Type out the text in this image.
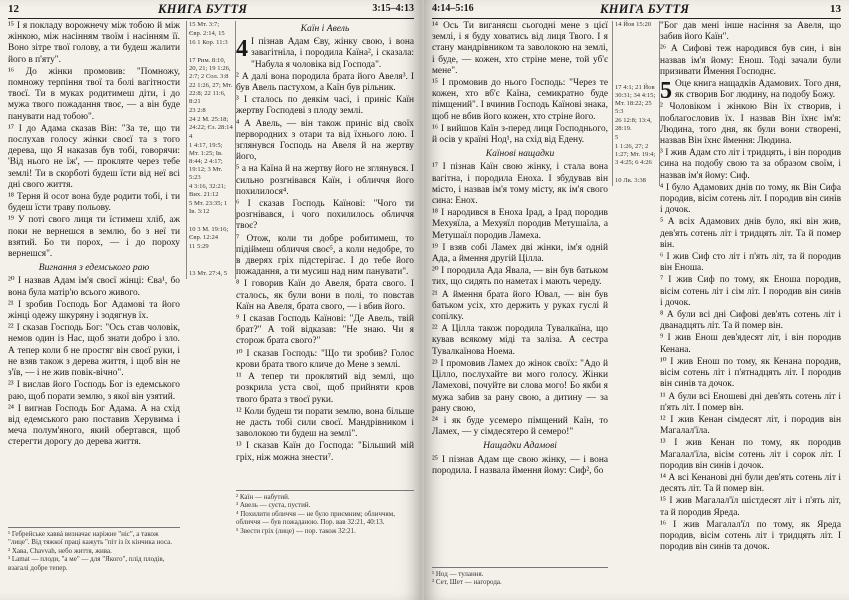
12	КНИГА БУТТЯ	3:15–4:13

¹⁵ І я покладу ворожнечу між тобою й між жінкою, між насінням твоїм і насінням її. Воно зітре твої голову, а ти будеш жалити його в п'яту".

¹⁶ До жінки промовив: "Помножу, помножу терпіння твої та болі вагітности твоєї. Ти в муках родитимеш діти, і до мужа твого пожадання твоє, — а він буде панувати над тобою".

¹⁷ І до Адама сказав Він: "За те, що ти послухав голосу жінки своєї та з того дерева, що Я наказав був тобі, говорячи: 'Від нього не їж', — прокляте через тебе землі! Ти в скорботі будеш їсти від неї всі дні свого життя.

¹⁸ Терня й осот вона буде родити тобі, і ти будеш їсти траву польову.

¹⁹ У поті свого лиця ти їстимеш хліб, аж поки не вернешся в землю, бо з неї ти взятий. Бо ти порох, — і до пороху вернешся".

Вигнання з едемського раю

²⁰ І назвав Адам ім'я своєї жінці: Єва¹, бо вона була матір'ю всього живого.

²¹ І зробив Господь Бог Адамові та його жінці одежу шкуряну і зодягнув їх.

²² І сказав Господь Бог: "Ось став чоловік, немов один із Нас, щоб знати добро і зло. А тепер коли б не простяг він своєї руки, і не взяв також з дерева життя, і щоб він не з'їв, — і не жив повік-вічно".

²³ І вислав його Господь Бог із едемського раю, щоб порати землю, з якої він узятий.

²⁴ І вигнав Господь Бог Адама. А на схід від едемського раю поставив Херувима і меча полум'яного, який обертався, щоб стерегти дорогу до дерева життя.

15 Мт. 3:7;
Євр. 2:14, 15
16 1 Кор. 11:3

17 Рим. 8:10, 20, 21; 19 1:26, 2:7; 2 Сол. 3:8
22 1:26, 27; Мт. 22:8; 22 11:6, 8:21
23 2:8
24 2 М. 25:18; 24:22; Єз. 28:14
4
1 4:17, 19:5; Мт. 1:25; Ів. 8:44; 2 4:17; 19:12; 3 Мт. 5:23
4 3:16, 32:21; Вих. 21:12
5 Мт. 23:35; 1 Ів. 3:12

10 3 М. 19:16; Євр. 12:24
11 5:29

13 Мт. 27:4, 5
Каїн і Авель

4 І пізнав Адам Єву, жінку свою, і вона завагітніла, і породила Каїна², і сказала: "Набула я чоловіка від Господа".

² А далі вона породила брата його Авеля³. І був Авель пастухом, а Каїн був рільник.

³ І сталось по деякім часі, і приніс Каїн жертву Господеві з плоду землі.

⁴ А Авель, — він також приніс від своїх первородних з отари та від їхнього лою. І зглянувся Господь на Авеля й на жертву його,

⁵ а на Каїна й на жертву його не зглянувся. І сильно розгнівався Каїн, і обличчя його похилилося⁴.

⁶ І сказав Господь Каїнові: "Чого ти розгнівався, і чого похилилось обличчя твоє?

⁷ Отож, коли ти добре робитимеш, то підіймеш обличчя своє⁵, а коли недобре, то в дверях гріх підстерігає. І до тебе його пожадання, а ти мусиш над ним панувати".

⁸ І говорив Каїн до Авеля, брата свого. І сталось, як були вони в полі, то повстав Каїн на Авеля, брата свого, — і вбив його.

⁹ І сказав Господь Каїнові: "Де Авель, твій брат?" А той відказав: "Не знаю. Чи я сторож брата свого?"

¹⁰ І сказав Господь: "Що ти зробив? Голос крови брата твого кличе до Мене з землі.

¹¹ А тепер ти проклятий від землі, що розкрила уста свої, щоб прийняти кров твого брата з твоєї руки.

¹² Коли будеш ти порати землю, вона більше не дасть тобі сили своєї. Мандрівником і заволокою ти будеш на землі".

¹³ І сказав Каїн до Господа: "Більший мій гріх, ніж можна знести⁷.

¹ Гебрейське хаввá визначає наріжне "ніс", а також "лице". Від тяжкої праці кажуть "піт із їх кінчика носа.
² Хава, Chavvah, небо життя, жива.
³ Lamat — плоди, "а ме" — для "Якого", плід плодів, взагалі добре тепер.
² Каїн — набутий.
³ Авель — суєта, пустий.
⁴ Похилити обличчя — не було приємним; обличчям, обличчя — був пожаданою. Пор. вав 32:21, 40:13.
⁵ Звести гріх (лице) — пор. також 32:21.
4:14–5:16	КНИГА БУТТЯ	13

¹⁴ Ось Ти виганяєш сьогодні мене з цієї землі, і я буду ховатись від лиця Твого. І я стану мандрівником та заволокою на землі, і буде, — кожен, хто стріне мене, той уб'є мене".

¹⁵ І промовив до нього Господь: "Через те кожен, хто вб'є Каїна, семикратно буде пімщений". І вчинив Господь Каїнові знака, щоб не вбив його кожен, хто стріне його.

¹⁶ І вийшов Каїн з-перед лиця Господнього, й осів у країні Нод¹, на схід від Едену.

Каїнові нащадки

¹⁷ І пізнав Каїн свою жінку, і стала вона вагітна, і породила Еноха. І збудував він місто, і назвав ім'я тому місту, як ім'я свого сина: Енох.

¹⁸ І народився в Еноха Ірад, а Ірад породив Мехуяїла, а Мехуяїл породив Метушаїла, а Метушаїл породив Ламеха.

¹⁹ І взяв собі Ламех дві жінки, ім'я одній Ада, а ймення другій Цілла.

²⁰ І породила Ада Явала, — він був батьком тих, що сидять по наметах і мають череду.

²¹ А ймення брата його Ювал, — він був батьком усіх, хто держить у руках гуслі й сопілку.

²² А Цілла також породила Тувалкаїна, що кував всякому міді та заліза. А сестра Тувалкаїнова Ноема.

²³ І промовив Ламех до жінок своїх: "Адо й Цілло, послухайте ви мого голосу. Жінки Ламехові, почуйте ви слова мого! Бо якби я мужа забив за рану свою, а дитину — за рану свою,

²⁴ і як буде усемеро пімщений Каїн, то Ламех, — у сімдесятеро й семеро!"

Нащадки Адамові

²⁵ І пізнав Адам ще свою жінку, — і вона породила. І назвала ймення йому: Сиф², бо

14 Йов 15:20

17 4:1; 21 Йов 30:31; 34 4:15; Мт. 18:22; 25 5:3
26 12:8; 13:4, 28:19.
5
1 1:26, 27; 2 1:27; Мт. 19:4; 3 4:25; 6 4:26

10 Лк. 3:38

"Бог дав мені інше насіння за Авеля, що забив його Каїн".

²⁶ А Сифові теж народився був син, і він назвав ім'я йому: Енош. Тоді зачали були призивати Ймення Господнє.

5 Оце книга нащадків Адамових. Того дня, як створив Бог людину, на подобу Божу.

² Чоловіком і жінкою Він їх створив, і поблагословив їх. І назвав Він їхнє ім'я: Людина, того дня, як були вони створені, назвав Він їхнє ймення: Людина.

³ І жив Адам сто літ і тридцять, і він породив сина на подобу свою та за образом своїм, і назвав ім'я йому: Сиф.

⁴ І було Адамових днів по тому, як Він Сифа породив, вісім сотень літ. І породив він синів і дочок.

⁵ А всіх Адамових днів було, які він жив, дев'ять сотень літ і тридцять літ. Та й помер він.

⁶ І жив Сиф сто літ і п'ять літ, та й породив він Еноша.

⁷ І жив Сиф по тому, як Еноша породив, вісім сотень літ і сім літ. І породив він синів і дочок.

⁸ А були всі дні Сифові дев'ять сотень літ і дванадцять літ. Та й помер він.

⁹ І жив Енош дев'ядесят літ, і він породив Кенана.

¹⁰ І жив Енош по тому, як Кенана породив, вісім сотень літ і п'ятнадцять літ. І породив він синів та дочок.

¹¹ А були всі Еношеві дні дев'ять сотень літ і п'ять літ. І помер він.

¹² І жив Кенан сімдесят літ, і породив він Магалал'їла.

¹³ І жив Кенан по тому, як породив Магалал'їла, вісім сотень літ і сорок літ. І породив він синів і дочок.

¹⁴ А всі Кенанові дні були дев'ять сотень літ і десять літ. Та й помер він.

¹⁵ І жив Магалал'їл шістдесят літ і п'ять літ, та й породив Яреда.

¹⁶ І жив Магалал'їл по тому, як Яреда породив, вісім сотень літ і тридцять літ. І породив він синів та дочок.

¹ Нод — тулання.
² Сет, Шет — нагорода.
